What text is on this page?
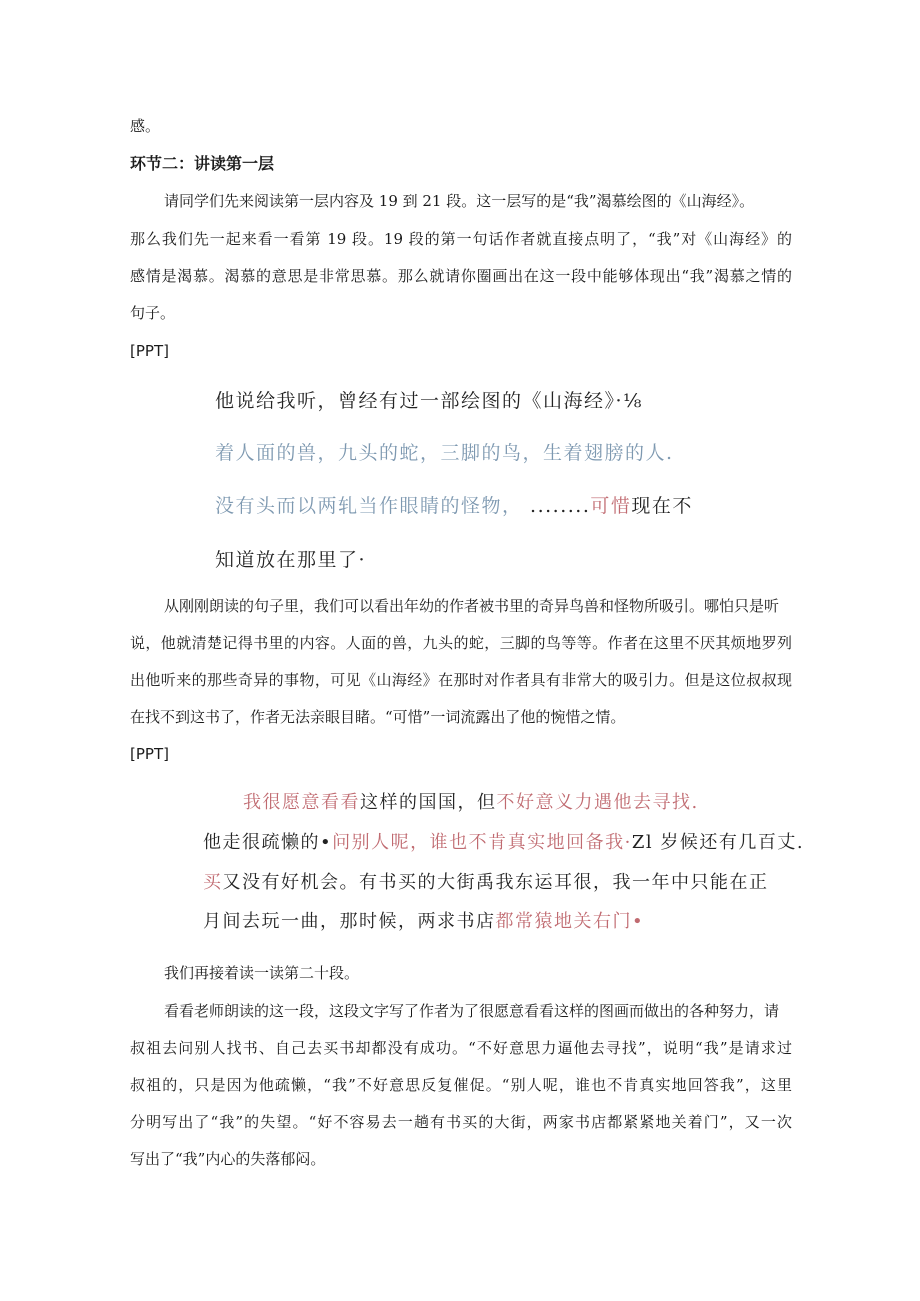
感。
环节二：讲读第一层
请同学们先来阅读第一层内容及 19 到 21 段。这一层写的是“我”渴慕绘图的《山海经》。
那么我们先一起来看一看第 19 段。19 段的第一句话作者就直接点明了，“我”对《山海经》的
感情是渴慕。渴慕的意思是非常思慕。那么就请你圈画出在这一段中能够体现出“我”渴慕之情的
句子。
[PPT]
他说给我听，曾经有过一部绘图的《山海经》·⅛
着人面的兽，九头的蛇，三脚的鸟，生着翅膀的人.
没有头而以两轧当作眼睛的怪物， ........可惜现在不
知道放在那里了·
从刚刚朗读的句子里，我们可以看出年幼的作者被书里的奇异鸟兽和怪物所吸引。哪怕只是听
说，他就清楚记得书里的内容。人面的兽，九头的蛇，三脚的鸟等等。作者在这里不厌其烦地罗列
出他听来的那些奇异的事物，可见《山海经》在那时对作者具有非常大的吸引力。但是这位叔叔现
在找不到这书了，作者无法亲眼目睹。“可惜”一词流露出了他的惋惜之情。
[PPT]
我很愿意看看这样的国国，但不好意义力遇他去寻找.
他走很疏懒的•问别人呢，谁也不肯真实地回备我·Zl 岁候还有几百丈.
买又没有好机会。有书买的大街禹我东运耳很，我一年中只能在正
月间去玩一曲，那时候，两求书店都常猿地关右门•
我们再接着读一读第二十段。
看看老师朗读的这一段，这段文字写了作者为了很愿意看看这样的图画而做出的各种努力，请
叔祖去问别人找书、自己去买书却都没有成功。“不好意思力逼他去寻找”，说明“我”是请求过
叔祖的，只是因为他疏懒，“我”不好意思反复催促。“别人呢，谁也不肯真实地回答我”，这里
分明写出了“我”的失望。“好不容易去一趟有书买的大街，两家书店都紧紧地关着门”，又一次
写出了“我”内心的失落郁闷。
